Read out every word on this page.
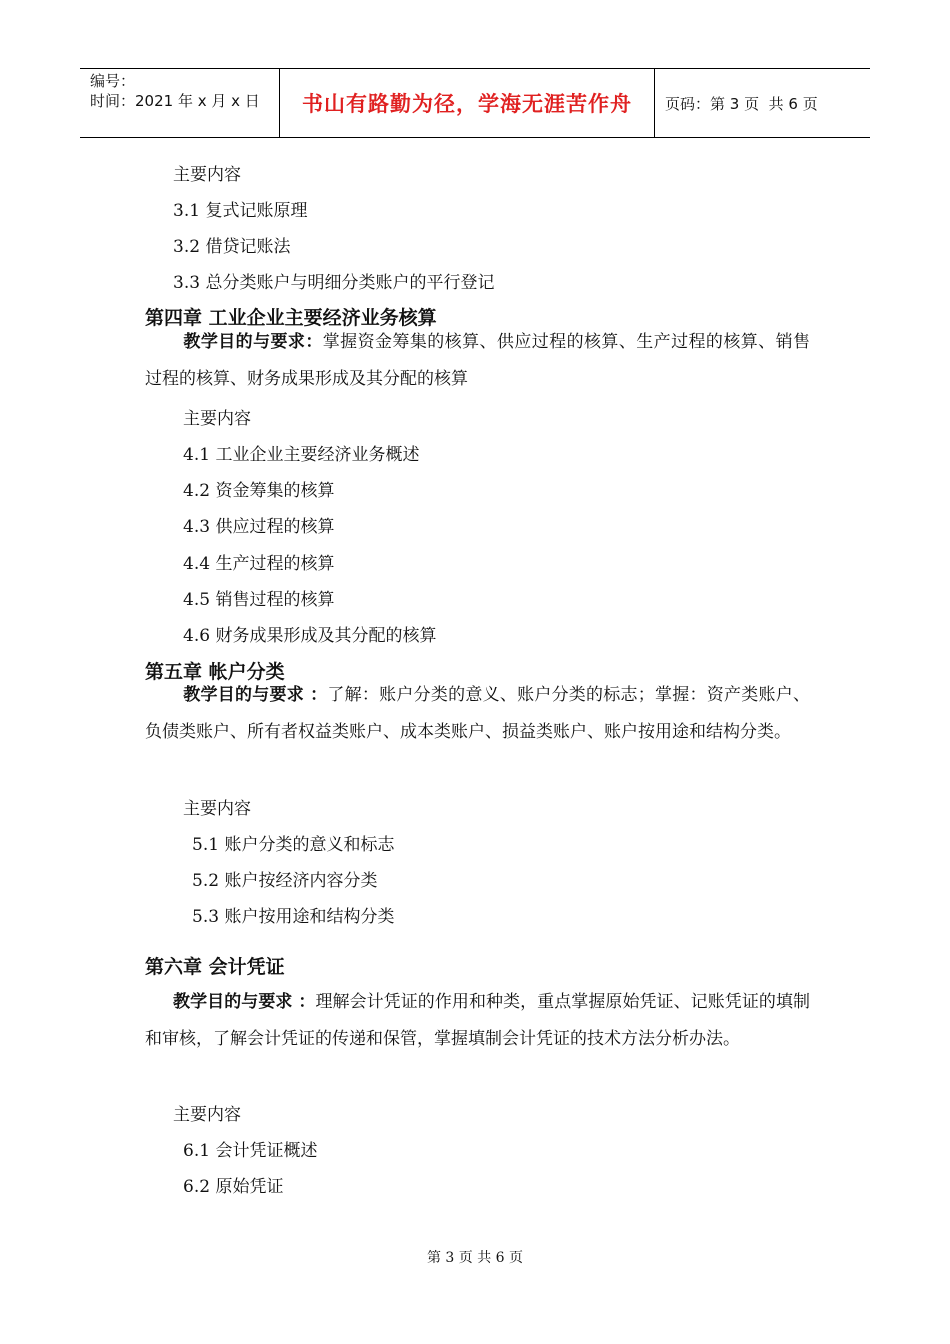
编号：
时间：2021 年 x 月 x 日	书山有路勤为径，学海无涯苦作舟	页码：第 3 页  共 6 页
主要内容
3.1 复式记账原理
3.2 借贷记账法
3.3 总分类账户与明细分类账户的平行登记
第四章 工业企业主要经济业务核算
教学目的与要求：掌握资金筹集的核算、供应过程的核算、生产过程的核算、销售过程的核算、财务成果形成及其分配的核算
主要内容
4.1 工业企业主要经济业务概述
4.2 资金筹集的核算
4.3 供应过程的核算
4.4 生产过程的核算
4.5 销售过程的核算
4.6 财务成果形成及其分配的核算
第五章 帐户分类
教学目的与要求 ：了解：账户分类的意义、账户分类的标志；掌握：资产类账户、负债类账户、所有者权益类账户、成本类账户、损益类账户、账户按用途和结构分类。
主要内容
5.1 账户分类的意义和标志
5.2 账户按经济内容分类
5.3 账户按用途和结构分类
第六章 会计凭证
教学目的与要求 ：理解会计凭证的作用和种类，重点掌握原始凭证、记账凭证的填制和审核，了解会计凭证的传递和保管，掌握填制会计凭证的技术方法分析办法。
主要内容
6.1 会计凭证概述
6.2 原始凭证
第 3 页 共 6 页
